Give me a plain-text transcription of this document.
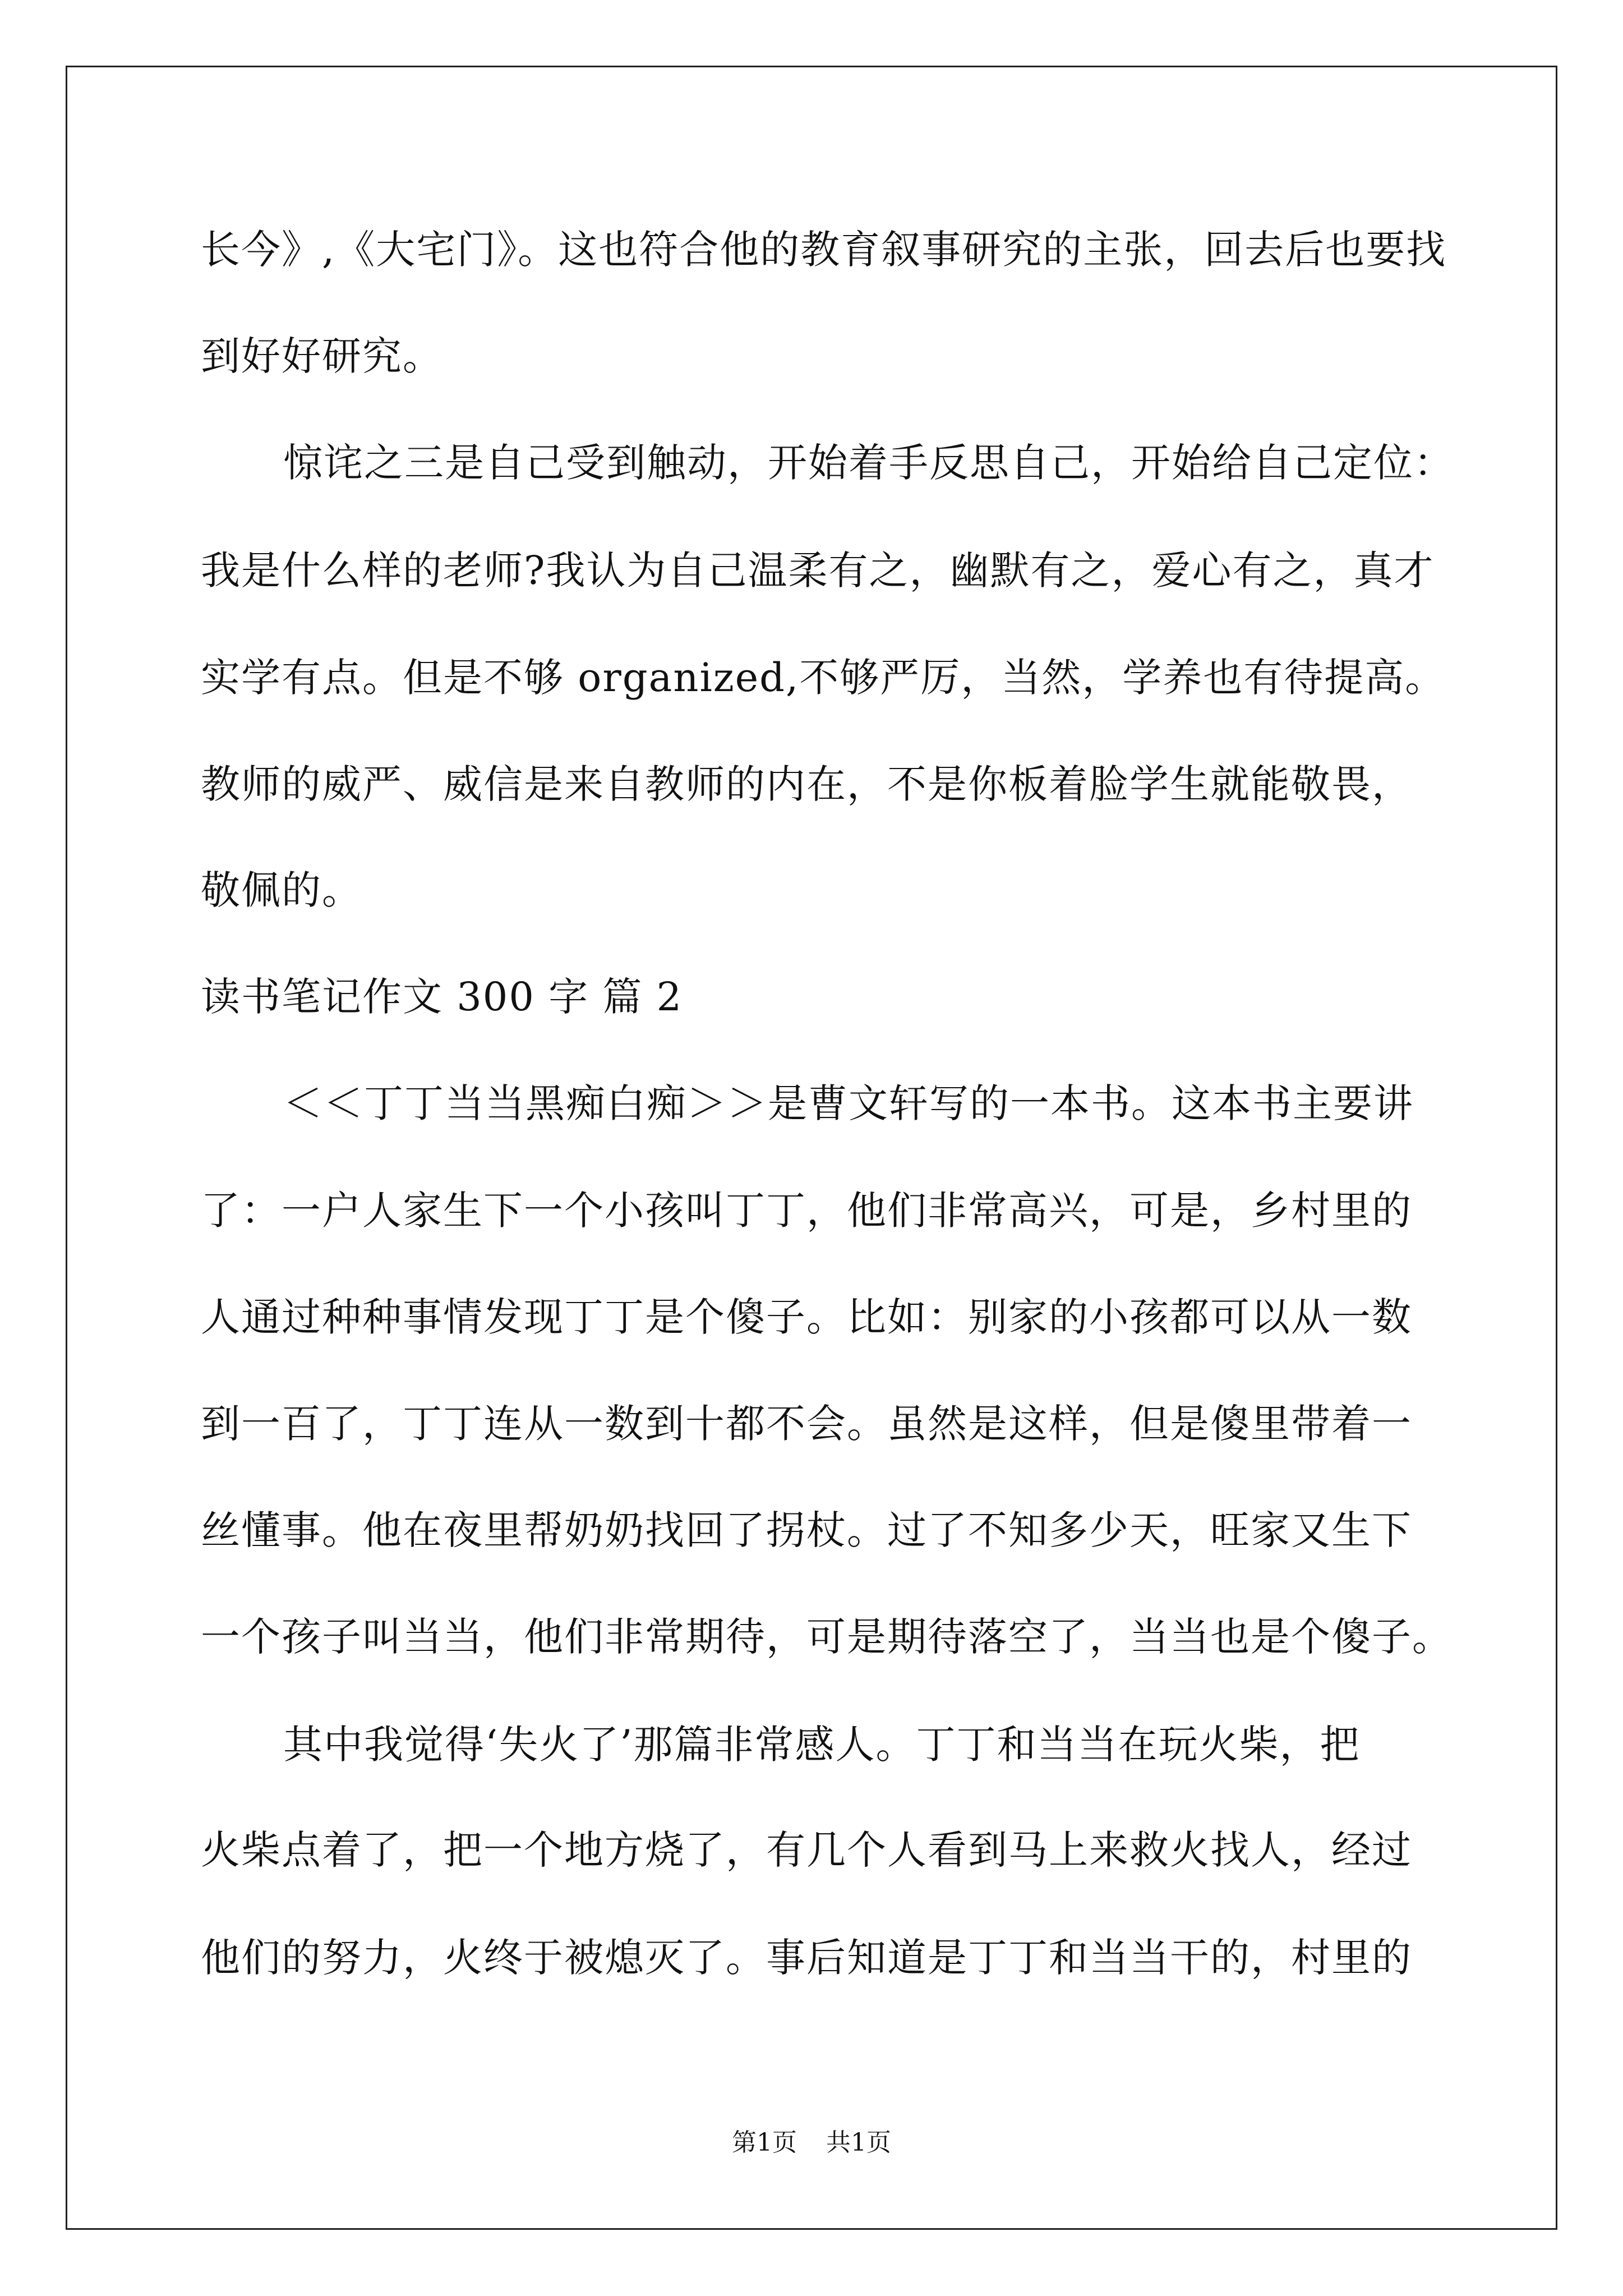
长今》,《大宅门》。这也符合他的教育叙事研究的主张，回去后也要找
到好好研究。
惊诧之三是自己受到触动，开始着手反思自己，开始给自己定位：
我是什么样的老师?我认为自己温柔有之，幽默有之，爱心有之，真才
实学有点。但是不够 organized,不够严厉，当然，学养也有待提高。
教师的威严、威信是来自教师的内在，不是你板着脸学生就能敬畏，
敬佩的。
读书笔记作文 300 字 篇 2
＜＜丁丁当当黑痴白痴＞＞是曹文轩写的一本书。这本书主要讲
了：一户人家生下一个小孩叫丁丁，他们非常高兴，可是，乡村里的
人通过种种事情发现丁丁是个傻子。比如：别家的小孩都可以从一数
到一百了，丁丁连从一数到十都不会。虽然是这样，但是傻里带着一
丝懂事。他在夜里帮奶奶找回了拐杖。过了不知多少天，旺家又生下
一个孩子叫当当，他们非常期待，可是期待落空了，当当也是个傻子。
其中我觉得‘失火了’那篇非常感人。丁丁和当当在玩火柴，把
火柴点着了，把一个地方烧了，有几个人看到马上来救火找人，经过
他们的努力，火终于被熄灭了。事后知道是丁丁和当当干的，村里的
第1页 共1页
